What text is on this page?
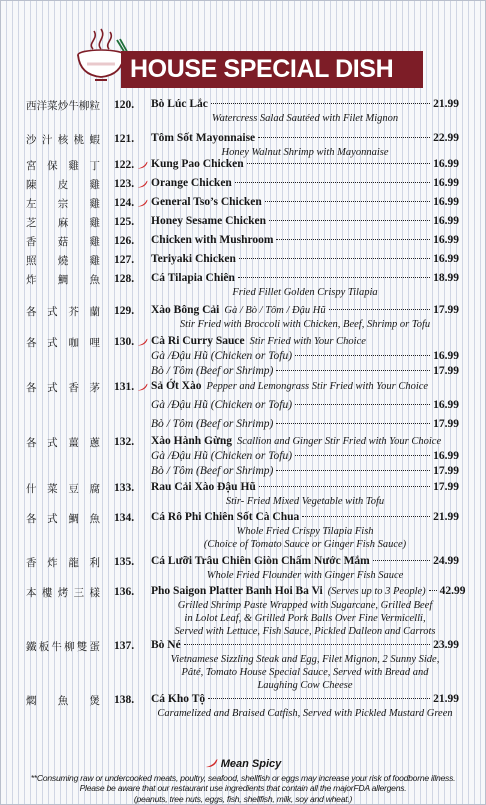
HOUSE SPECIAL DISH
西洋菜炒牛柳粒 120. Bò Lúc Lắc	21.99
Watercress Salad Sautéed with Filet Mignon
沙汁核桃蝦 121. Tôm Sốt Mayonnaise	22.99
Honey Walnut Shrimp with Mayonnaise
宮保雞丁 122. Kung Pao Chicken	16.99
陳皮雞 123. Orange Chicken	16.99
左宗雞 124. General Tso’s Chicken	16.99
芝麻雞 125. Honey Sesame Chicken	16.99
香菇雞 126. Chicken with Mushroom	16.99
照燒雞 127. Teriyaki Chicken	16.99
炸鯛魚 128. Cá Tilapia Chiên	18.99
Fried Fillet Golden Crispy Tilapia
各式芥蘭 129. Xào Bông Cải Gà / Bò / Tôm / Đậu Hũ	17.99
Stir Fried with Broccoli with Chicken, Beef, Shrimp or Tofu
各式咖哩 130. Cà Ri Curry Sauce Stir Fried with Your Choice
Gà /Đậu Hũ (Chicken or Tofu)	16.99
Bò / Tôm (Beef or Shrimp)	17.99
各式香茅 131. Sả Ớt Xào Pepper and Lemongrass Stir Fried with Your Choice
Gà /Đậu Hũ (Chicken or Tofu)	16.99
Bò / Tôm (Beef or Shrimp)	17.99
各式薑蔥 132. Xào Hành Gừng Scallion and Ginger Stir Fried with Your Choice
Gà /Đậu Hũ (Chicken or Tofu)	16.99
Bò / Tôm (Beef or Shrimp)	17.99
什菜豆腐 133. Rau Cải Xào Đậu Hũ	17.99
Stir- Fried Mixed Vegetable with Tofu
各式鯛魚 134. Cá Rô Phi Chiên Sốt Cà Chua	21.99
Whole Fried Crispy Tilapia Fish
(Choice of Tomato Sauce or Ginger Fish Sauce)
香炸龍利 135. Cá Lưỡi Trâu Chiên Giòn Chấm Nước Mắm	24.99
Whole Fried Flounder with Ginger Fish Sauce
本樓烤三樣 136. Pho Saigon Platter Banh Hoi Ba Vi (Serves up to 3 People) 42.99
Grilled Shrimp Paste Wrapped with Sugarcane, Grilled Beef
in Lolot Leaf, & Grilled Pork Balls Over Fine Vermicelli,
Served with Lettuce, Fish Sauce, Pickled Dalleon and Carrots
鐵板牛柳雙蛋 137. Bò Né	23.99
Vietnamese Sizzling Steak and Egg, Filet Mignon, 2 Sunny Side,
Pâté, Tomato House Special Sauce, Served with Bread and
Laughing Cow Cheese
燜魚煲 138. Cá Kho Tộ	21.99
Caramelized and Braised Catfish, Served with Pickled Mustard Green
Mean Spicy
**Consuming raw or undercooked meats, poultry, seafood, shellfish or eggs may increase your risk of foodborne illness.
Please be aware that our restaurant use ingredients that contain all the majorFDA allergens.
(peanuts, tree nuts, eggs, fish, shellfish, milk, soy and wheat.)
